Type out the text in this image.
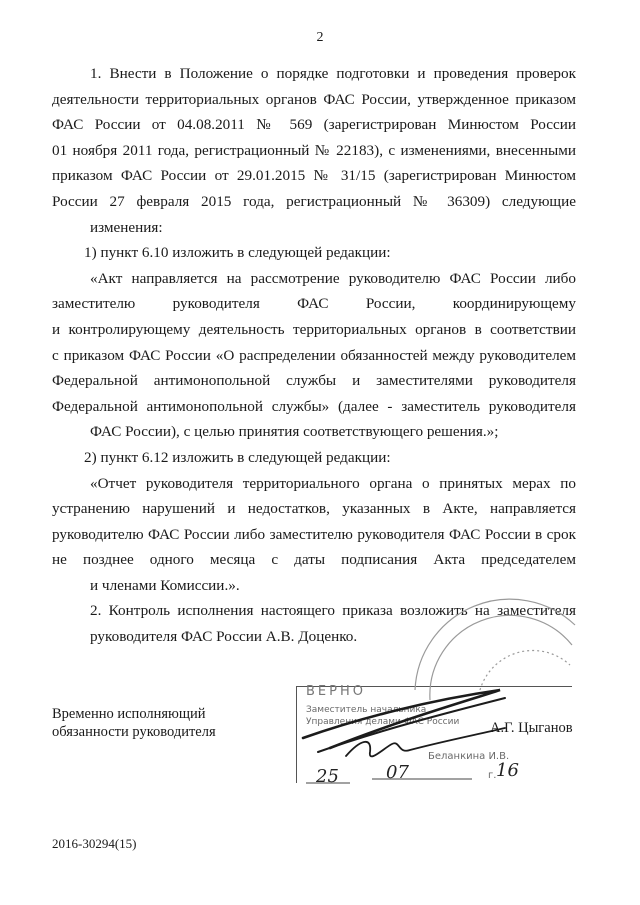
2
1. Внести в Положение о порядке подготовки и проведения проверок
деятельности территориальных органов ФАС России, утвержденное приказом
ФАС России от 04.08.2011 № 569 (зарегистрирован Минюстом России
01 ноября 2011 года, регистрационный № 22183), с изменениями, внесенными
приказом ФАС России от 29.01.2015 № 31/15 (зарегистрирован Минюстом
России 27 февраля 2015 года, регистрационный № 36309) следующие
изменения:
1) пункт 6.10 изложить в следующей редакции:
«Акт направляется на рассмотрение руководителю ФАС России либо
заместителю руководителя ФАС России, координирующему
и контролирующему деятельность территориальных органов в соответствии
с приказом ФАС России «О распределении обязанностей между руководителем
Федеральной антимонопольной службы и заместителями руководителя
Федеральной антимонопольной службы» (далее - заместитель руководителя
ФАС России), с целью принятия соответствующего решения.»;
2) пункт 6.12 изложить в следующей редакции:
«Отчет руководителя территориального органа о принятых мерах по
устранению нарушений и недостатков, указанных в Акте, направляется
руководителю ФАС России либо заместителю руководителя ФАС России в срок
не позднее одного месяца с даты подписания Акта председателем
и членами Комиссии.».
2. Контроль исполнения настоящего приказа возложить на заместителя
руководителя ФАС России А.В. Доценко.
ВЕРНО
Заместитель начальника
Управления делами ФАС России
Беланкина И.В.
г.
25	07	16
Временно исполняющий
обязанности руководителя	А.Г. Цыганов
2016-30294(15)
